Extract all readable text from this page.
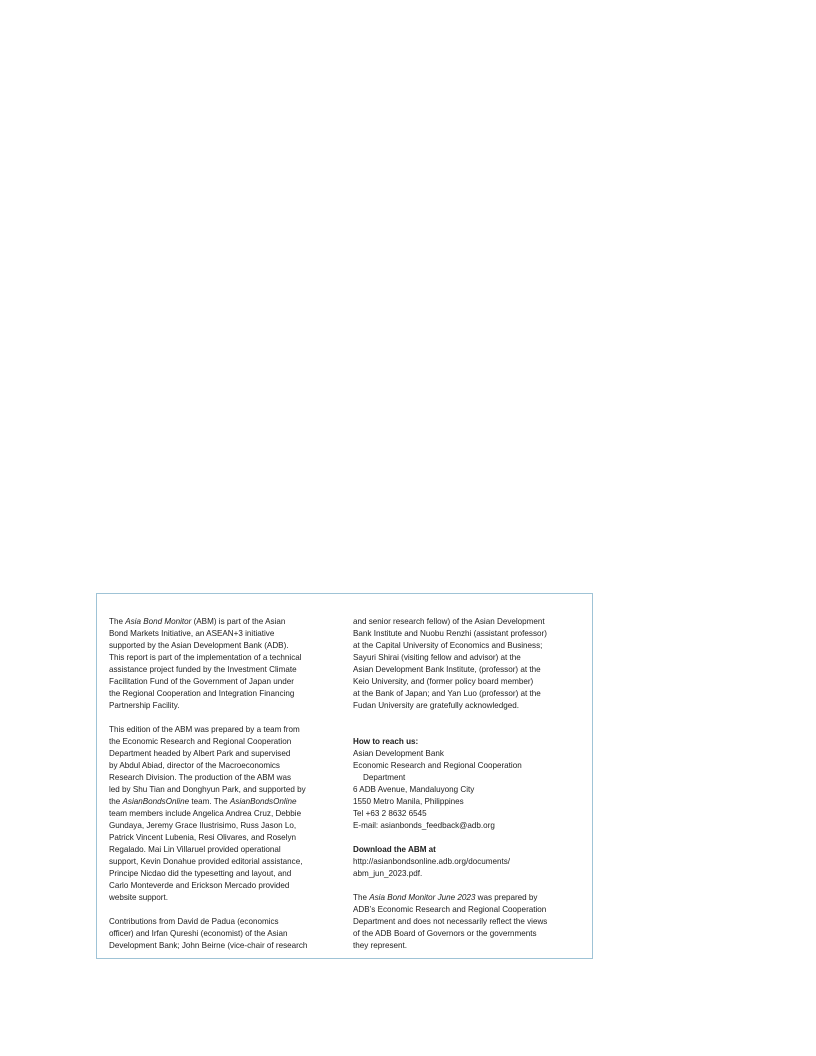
The Asia Bond Monitor (ABM) is part of the Asian
Bond Markets Initiative, an ASEAN+3 initiative
supported by the Asian Development Bank (ADB).
This report is part of the implementation of a technical
assistance project funded by the Investment Climate
Facilitation Fund of the Government of Japan under
the Regional Cooperation and Integration Financing
Partnership Facility.

This edition of the ABM was prepared by a team from
the Economic Research and Regional Cooperation
Department headed by Albert Park and supervised
by Abdul Abiad, director of the Macroeconomics
Research Division. The production of the ABM was
led by Shu Tian and Donghyun Park, and supported by
the AsianBondsOnline team. The AsianBondsOnline
team members include Angelica Andrea Cruz, Debbie
Gundaya, Jeremy Grace Ilustrisimo, Russ Jason Lo,
Patrick Vincent Lubenia, Resi Olivares, and Roselyn
Regalado. Mai Lin Villaruel provided operational
support, Kevin Donahue provided editorial assistance,
Principe Nicdao did the typesetting and layout, and
Carlo Monteverde and Erickson Mercado provided
website support.

Contributions from David de Padua (economics
officer) and Irfan Qureshi (economist) of the Asian
Development Bank; John Beirne (vice-chair of research

and senior research fellow) of the Asian Development
Bank Institute and Nuobu Renzhi (assistant professor)
at the Capital University of Economics and Business;
Sayuri Shirai (visiting fellow and advisor) at the
Asian Development Bank Institute, (professor) at the
Keio University, and (former policy board member)
at the Bank of Japan; and Yan Luo (professor) at the
Fudan University are gratefully acknowledged.

How to reach us:
Asian Development Bank
Economic Research and Regional Cooperation
Department
6 ADB Avenue, Mandaluyong City
1550 Metro Manila, Philippines
Tel +63 2 8632 6545
E-mail: asianbonds_feedback@adb.org

Download the ABM at
http://asianbondsonline.adb.org/documents/
abm_jun_2023.pdf.

The Asia Bond Monitor June 2023 was prepared by
ADB’s Economic Research and Regional Cooperation
Department and does not necessarily reflect the views
of the ADB Board of Governors or the governments
they represent.
